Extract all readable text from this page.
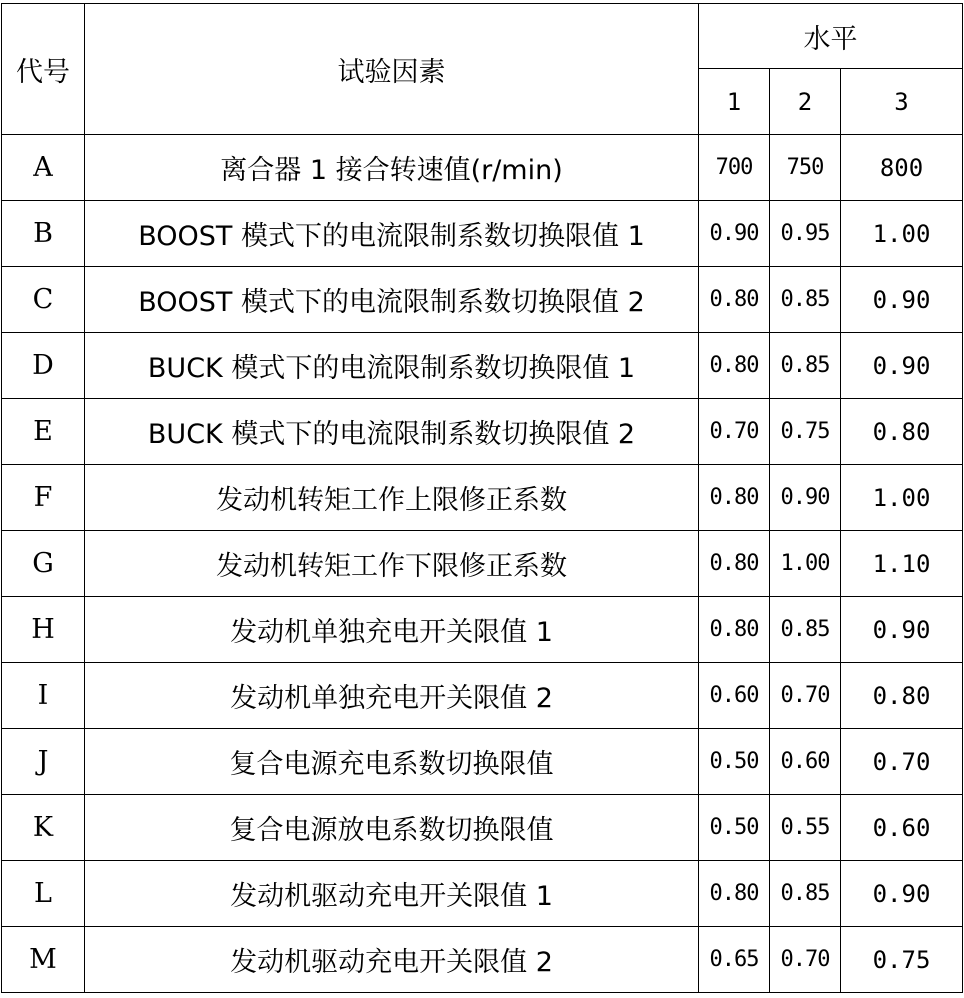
代号	试验因素	水平		
		1	2	3
A	离合器 1 接合转速值(r/min)	700	750	800
B	BOOST 模式下的电流限制系数切换限值 1	0.90	0.95	1.00
C	BOOST 模式下的电流限制系数切换限值 2	0.80	0.85	0.90
D	BUCK 模式下的电流限制系数切换限值 1	0.80	0.85	0.90
E	BUCK 模式下的电流限制系数切换限值 2	0.70	0.75	0.80
F	发动机转矩工作上限修正系数	0.80	0.90	1.00
G	发动机转矩工作下限修正系数	0.80	1.00	1.10
H	发动机单独充电开关限值 1	0.80	0.85	0.90
I	发动机单独充电开关限值 2	0.60	0.70	0.80
J	复合电源充电系数切换限值	0.50	0.60	0.70
K	复合电源放电系数切换限值	0.50	0.55	0.60
L	发动机驱动充电开关限值 1	0.80	0.85	0.90
M	发动机驱动充电开关限值 2	0.65	0.70	0.75
